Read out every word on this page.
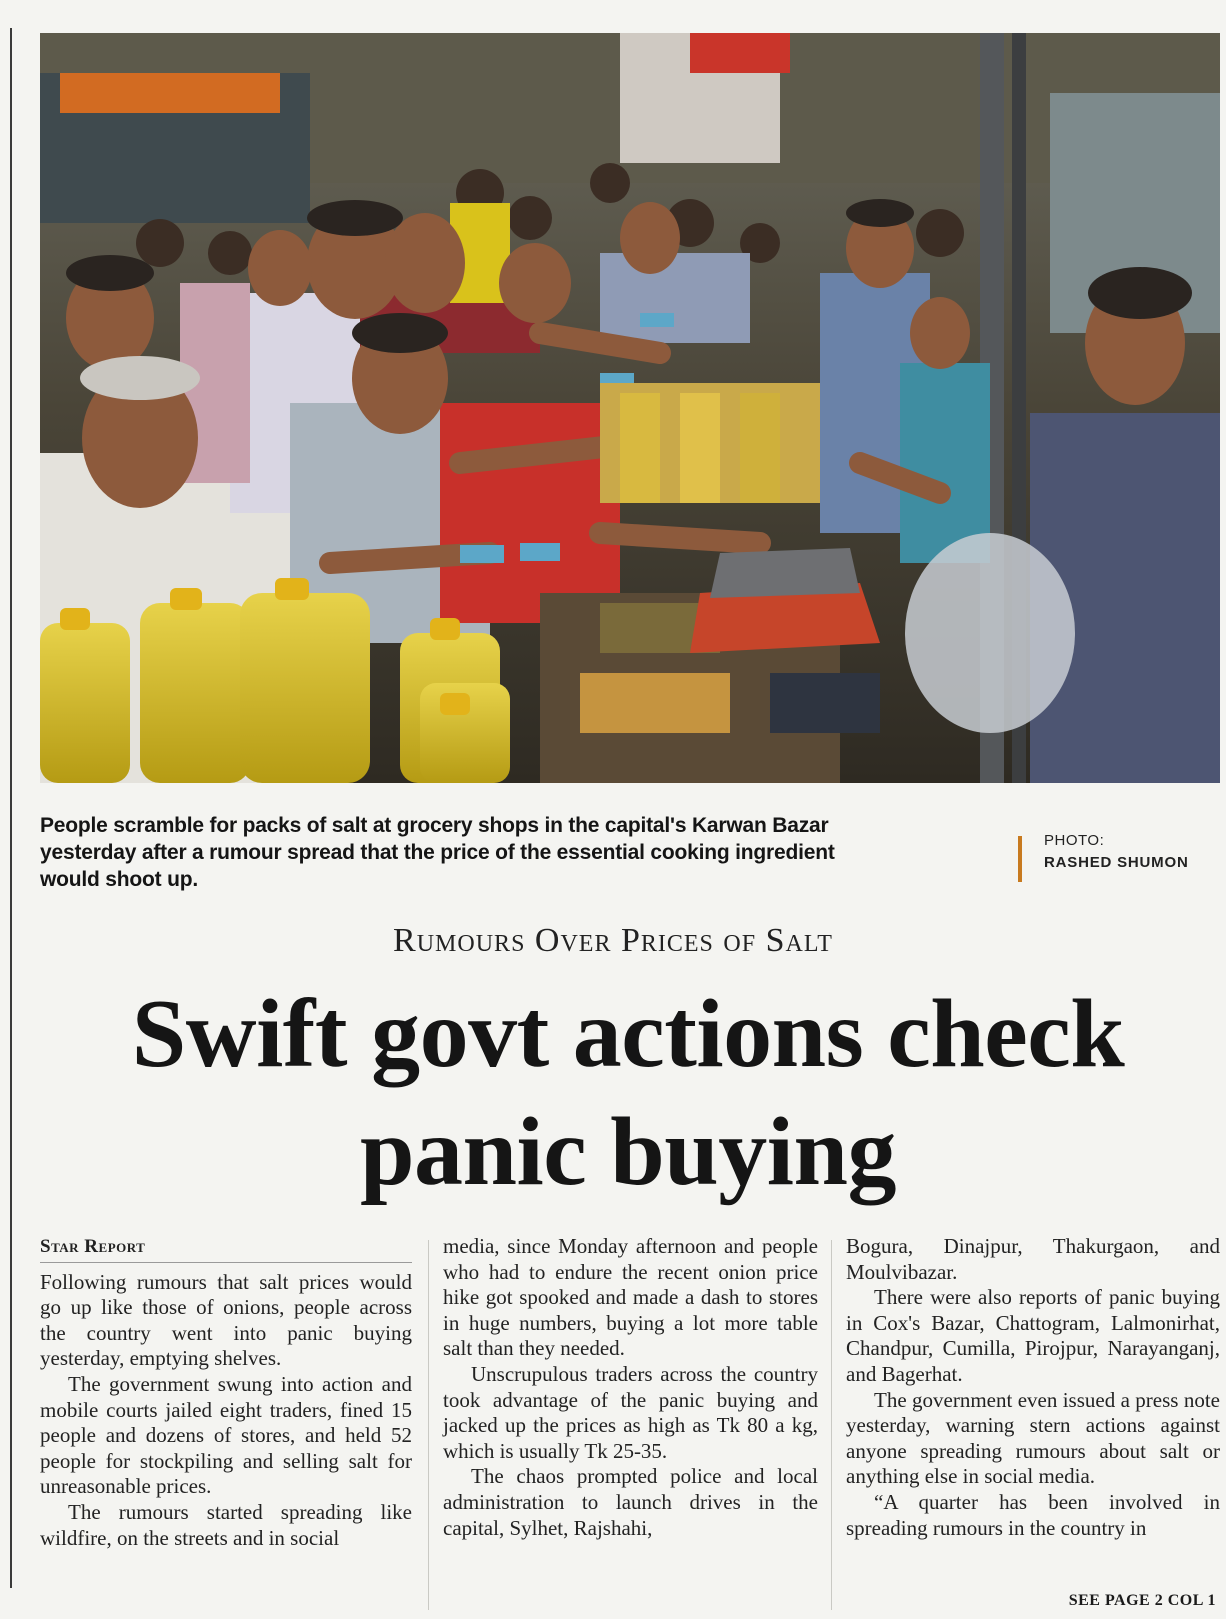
People scramble for packs of salt at grocery shops in the capital's Karwan Bazar yesterday after a rumour spread that the price of the essential cooking ingredient would shoot up.
PHOTO:
RASHED SHUMON
Rumours Over Prices of Salt
Swift govt actions check
panic buying
Star Report

Following rumours that salt prices would go up like those of onions, people across the country went into panic buying yesterday, emptying shelves.

The government swung into action and mobile courts jailed eight traders, fined 15 people and dozens of stores, and held 52 people for stockpiling and selling salt for unreasonable prices.

The rumours started spreading like wildfire, on the streets and in social

media, since Monday afternoon and people who had to endure the recent onion price hike got spooked and made a dash to stores in huge numbers, buying a lot more table salt than they needed.

Unscrupulous traders across the country took advantage of the panic buying and jacked up the prices as high as Tk 80 a kg, which is usually Tk 25-35.

The chaos prompted police and local administration to launch drives in the capital, Sylhet, Rajshahi,

Bogura, Dinajpur, Thakurgaon, and Moulvibazar.

There were also reports of panic buying in Cox's Bazar, Chattogram, Lalmonirhat, Chandpur, Cumilla, Pirojpur, Narayanganj, and Bagerhat.

The government even issued a press note yesterday, warning stern actions against anyone spreading rumours about salt or anything else in social media.

“A quarter has been involved in spreading rumours in the country in

SEE PAGE 2 COL 1
